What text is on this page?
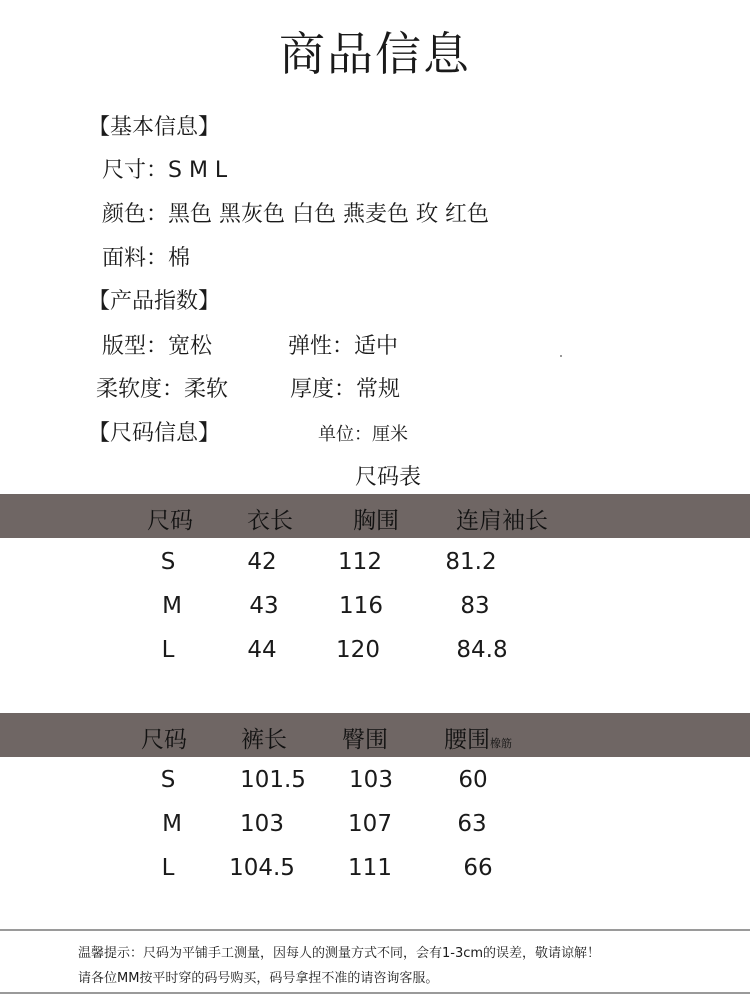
商品信息
【基本信息】
尺寸：S M L
颜色：黑色 黑灰色 白色 燕麦色 玫 红色
面料：棉
【产品指数】
版型：宽松	弹性：适中
柔软度：柔软	厚度：常规
【尺码信息】	单位：厘米
尺码表
尺码 衣长	胸围 连肩袖长
S	42	112	81.2
M	43	116	83
L	44	120	84.8
尺码 裤长 臀围 腰围橡筋
S	101.5 103	60
M	103	107	63
L 104.5 111	66
温馨提示：尺码为平铺手工测量，因每人的测量方式不同，会有1-3cm的误差，敬请谅解！
请各位MM按平时穿的码号购买，码号拿捏不准的请咨询客服。
